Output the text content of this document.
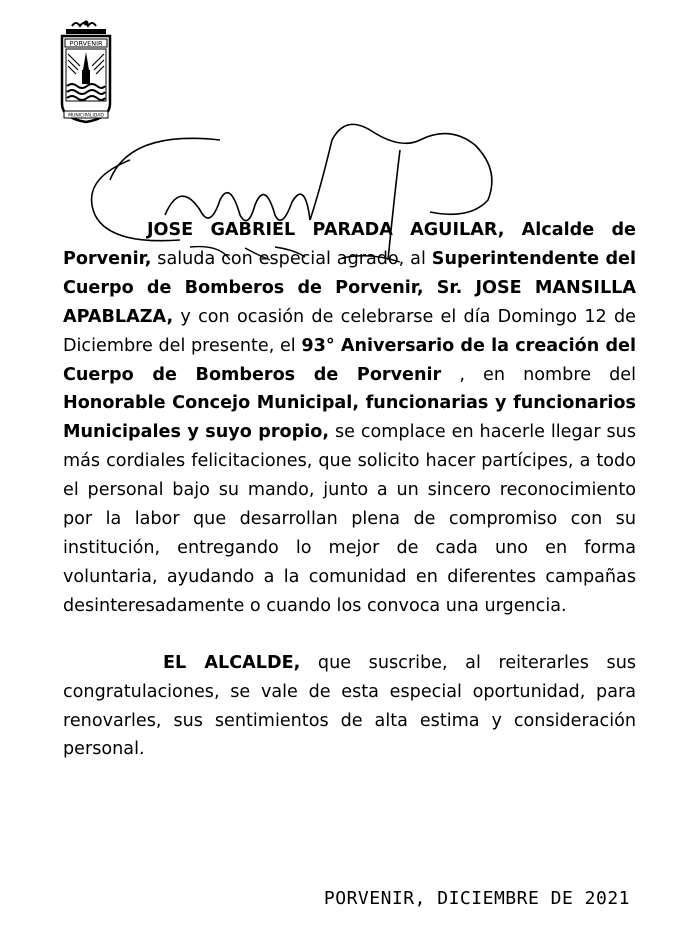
PORVENIR
MUNICIPALIDAD

JOSE GABRIEL PARADA AGUILAR, Alcalde de Porvenir, saluda con especial agrado, al Superintendente del Cuerpo de Bomberos de Porvenir, Sr. JOSE MANSILLA APABLAZA, y con ocasión de celebrarse el día Domingo 12 de Diciembre del presente, el 93° Aniversario de la creación del Cuerpo de Bomberos de Porvenir , en nombre del Honorable Concejo Municipal, funcionarias y funcionarios Municipales y suyo propio, se complace en hacerle llegar sus más cordiales felicitaciones, que solicito hacer partícipes, a todo el personal bajo su mando, junto a un sincero reconocimiento por la labor que desarrollan plena de compromiso con su institución, entregando lo mejor de cada uno en forma voluntaria, ayudando a la comunidad en diferentes campañas desinteresadamente o cuando los convoca una urgencia.

EL ALCALDE, que suscribe, al reiterarles sus congratulaciones, se vale de esta especial oportunidad, para renovarles, sus sentimientos de alta estima y consideración personal.

PORVENIR, DICIEMBRE DE 2021
